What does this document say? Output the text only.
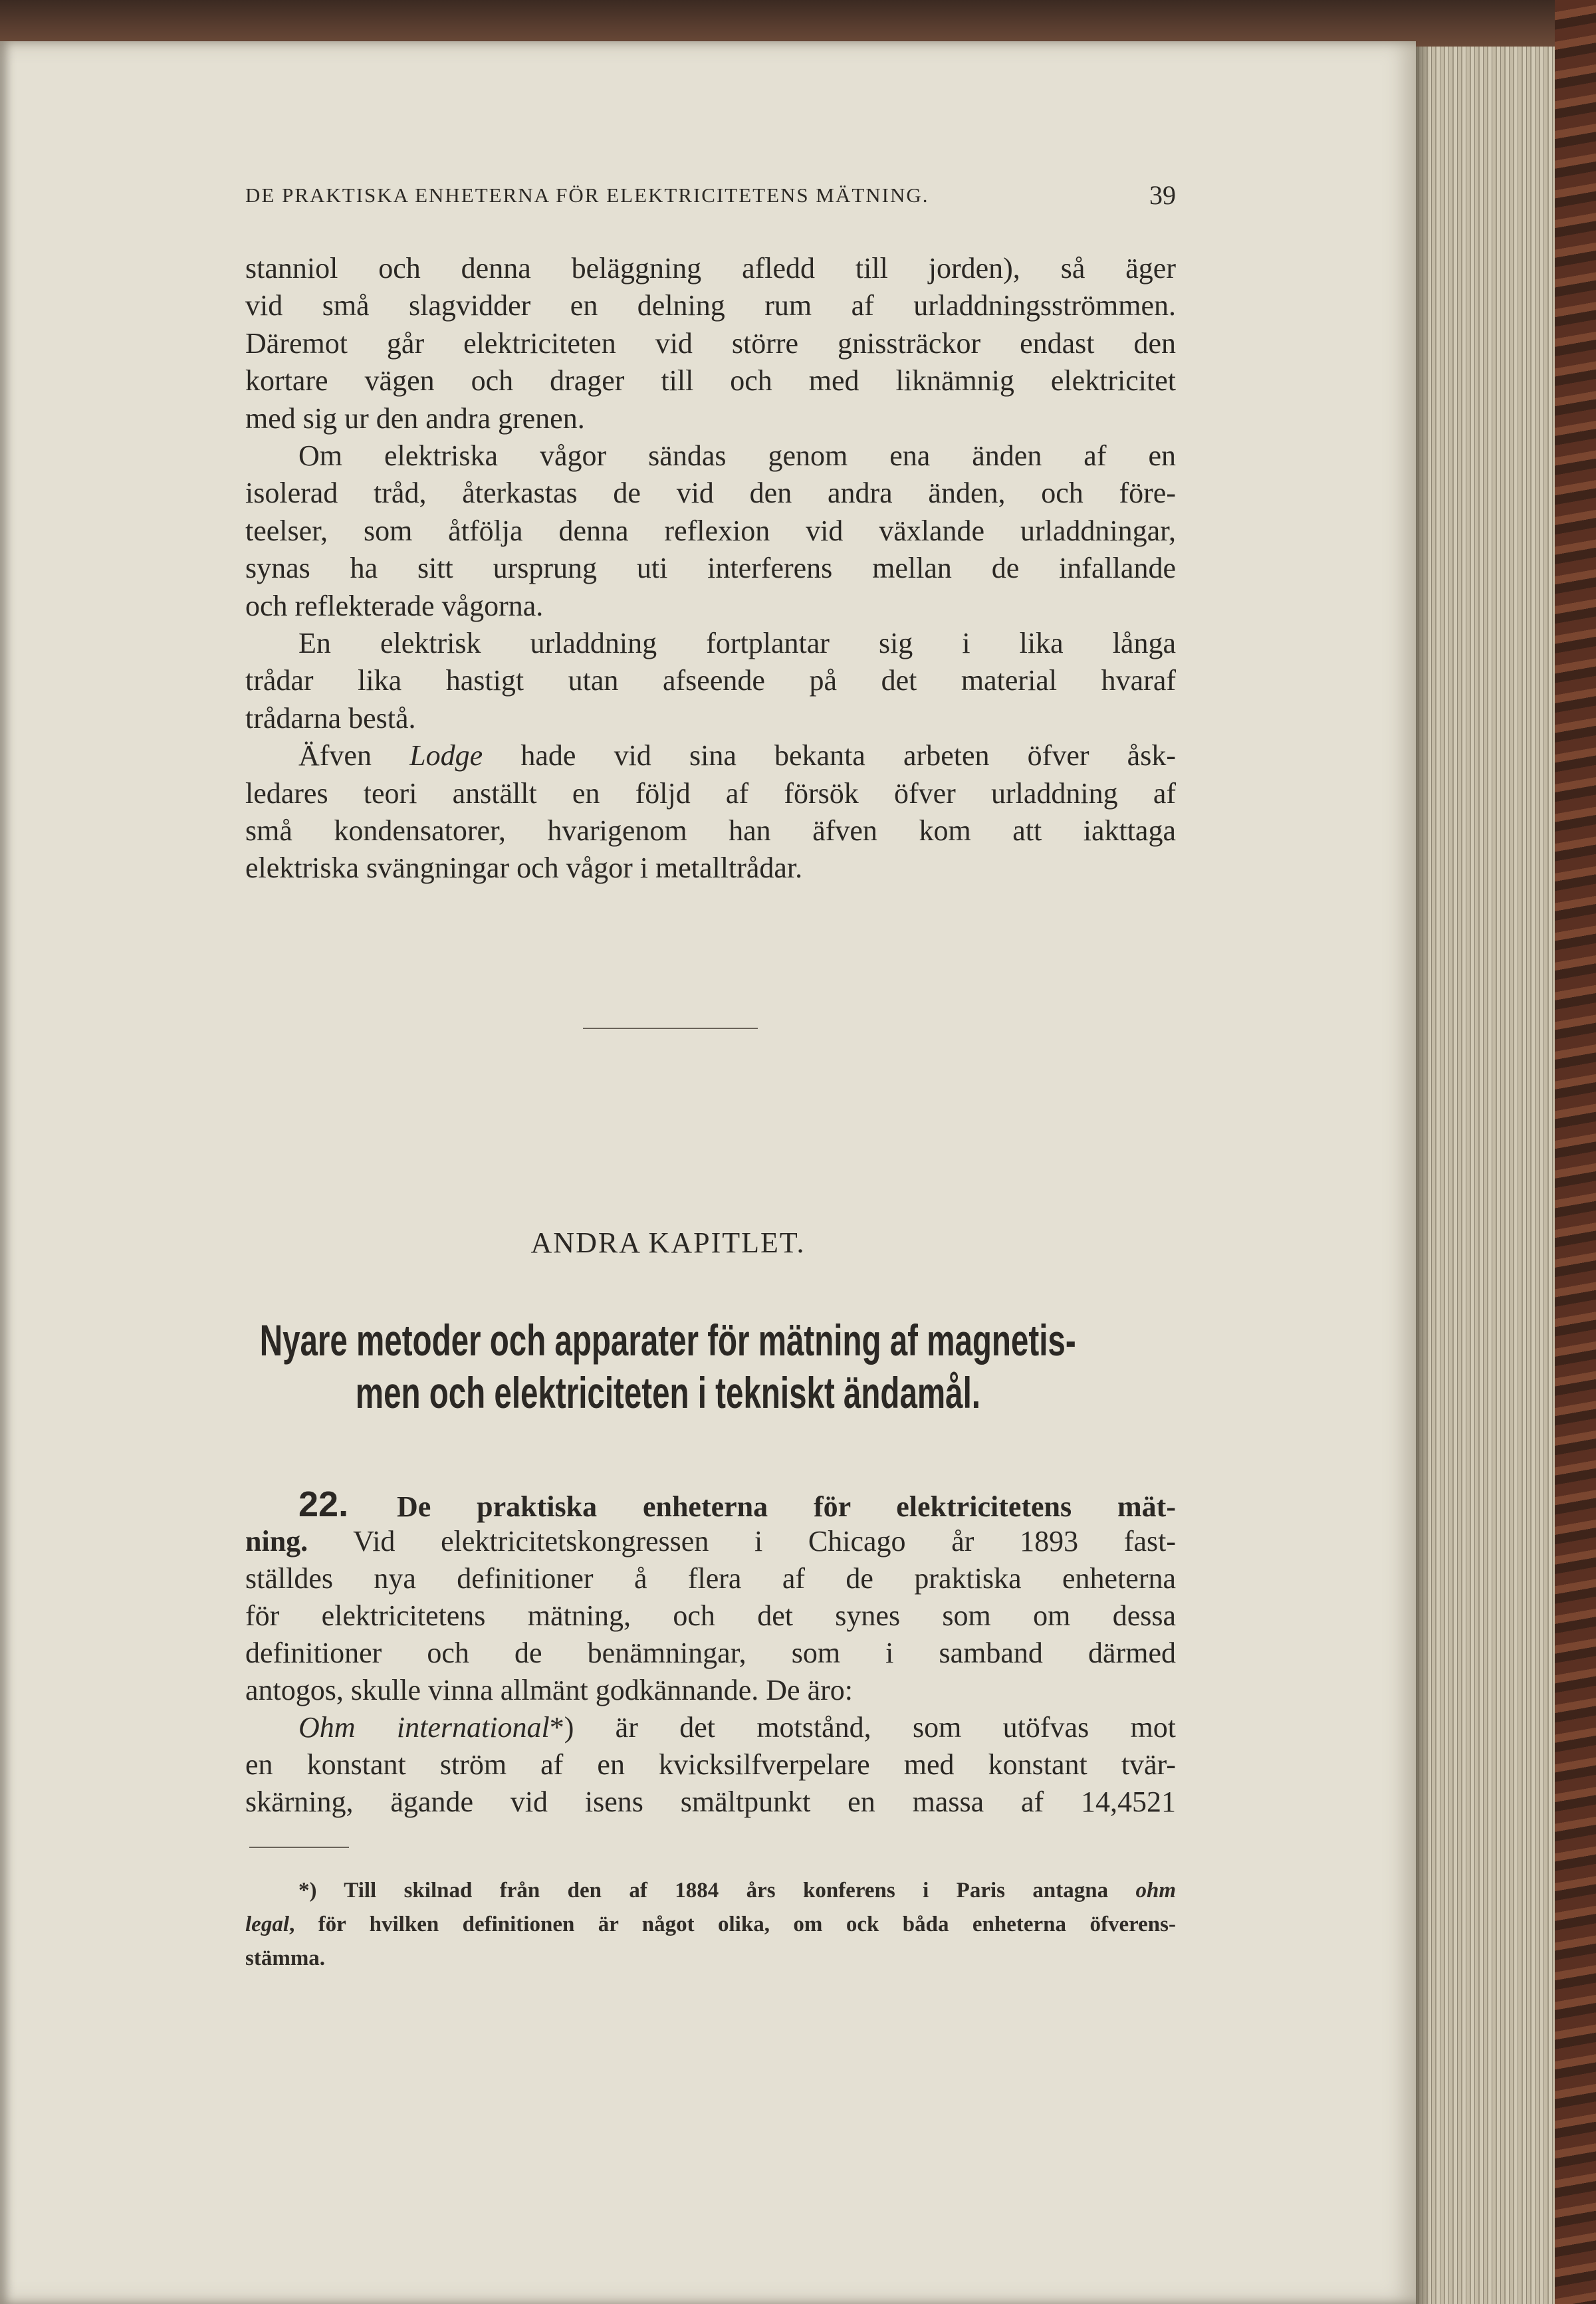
DE PRAKTISKA ENHETERNA FÖR ELEKTRICITETENS MÄTNING.	39
stanniol och denna beläggning afledd till jorden), så äger
vid små slagvidder en delning rum af urladdningsströmmen.
Däremot går elektriciteten vid större gnissträckor endast den
kortare vägen och drager till och med liknämnig elektricitet
med sig ur den andra grenen.
Om elektriska vågor sändas genom ena änden af en
isolerad tråd, återkastas de vid den andra änden, och före-
teelser, som åtfölja denna reflexion vid växlande urladdningar,
synas ha sitt ursprung uti interferens mellan de infallande
och reflekterade vågorna.
En elektrisk urladdning fortplantar sig i lika långa
trådar lika hastigt utan afseende på det material hvaraf
trådarna bestå.
Äfven Lodge hade vid sina bekanta arbeten öfver åsk-
ledares teori anställt en följd af försök öfver urladdning af
små kondensatorer, hvarigenom han äfven kom att iakttaga
elektriska svängningar och vågor i metalltrådar.
ANDRA KAPITLET.
Nyare metoder och apparater för mätning af magnetis-
men och elektriciteten i tekniskt ändamål.
22. De praktiska enheterna för elektricitetens mät-
ning. Vid elektricitetskongressen i Chicago år 1893 fast-
ställdes nya definitioner å flera af de praktiska enheterna
för elektricitetens mätning, och det synes som om dessa
definitioner och de benämningar, som i samband därmed
antogos, skulle vinna allmänt godkännande. De äro:
Ohm international*) är det motstånd, som utöfvas mot
en konstant ström af en kvicksilfverpelare med konstant tvär-
skärning, ägande vid isens smältpunkt en massa af 14,4521
*) Till skilnad från den af 1884 års konferens i Paris antagna ohm
legal, för hvilken definitionen är något olika, om ock båda enheterna öfverens-
stämma.
